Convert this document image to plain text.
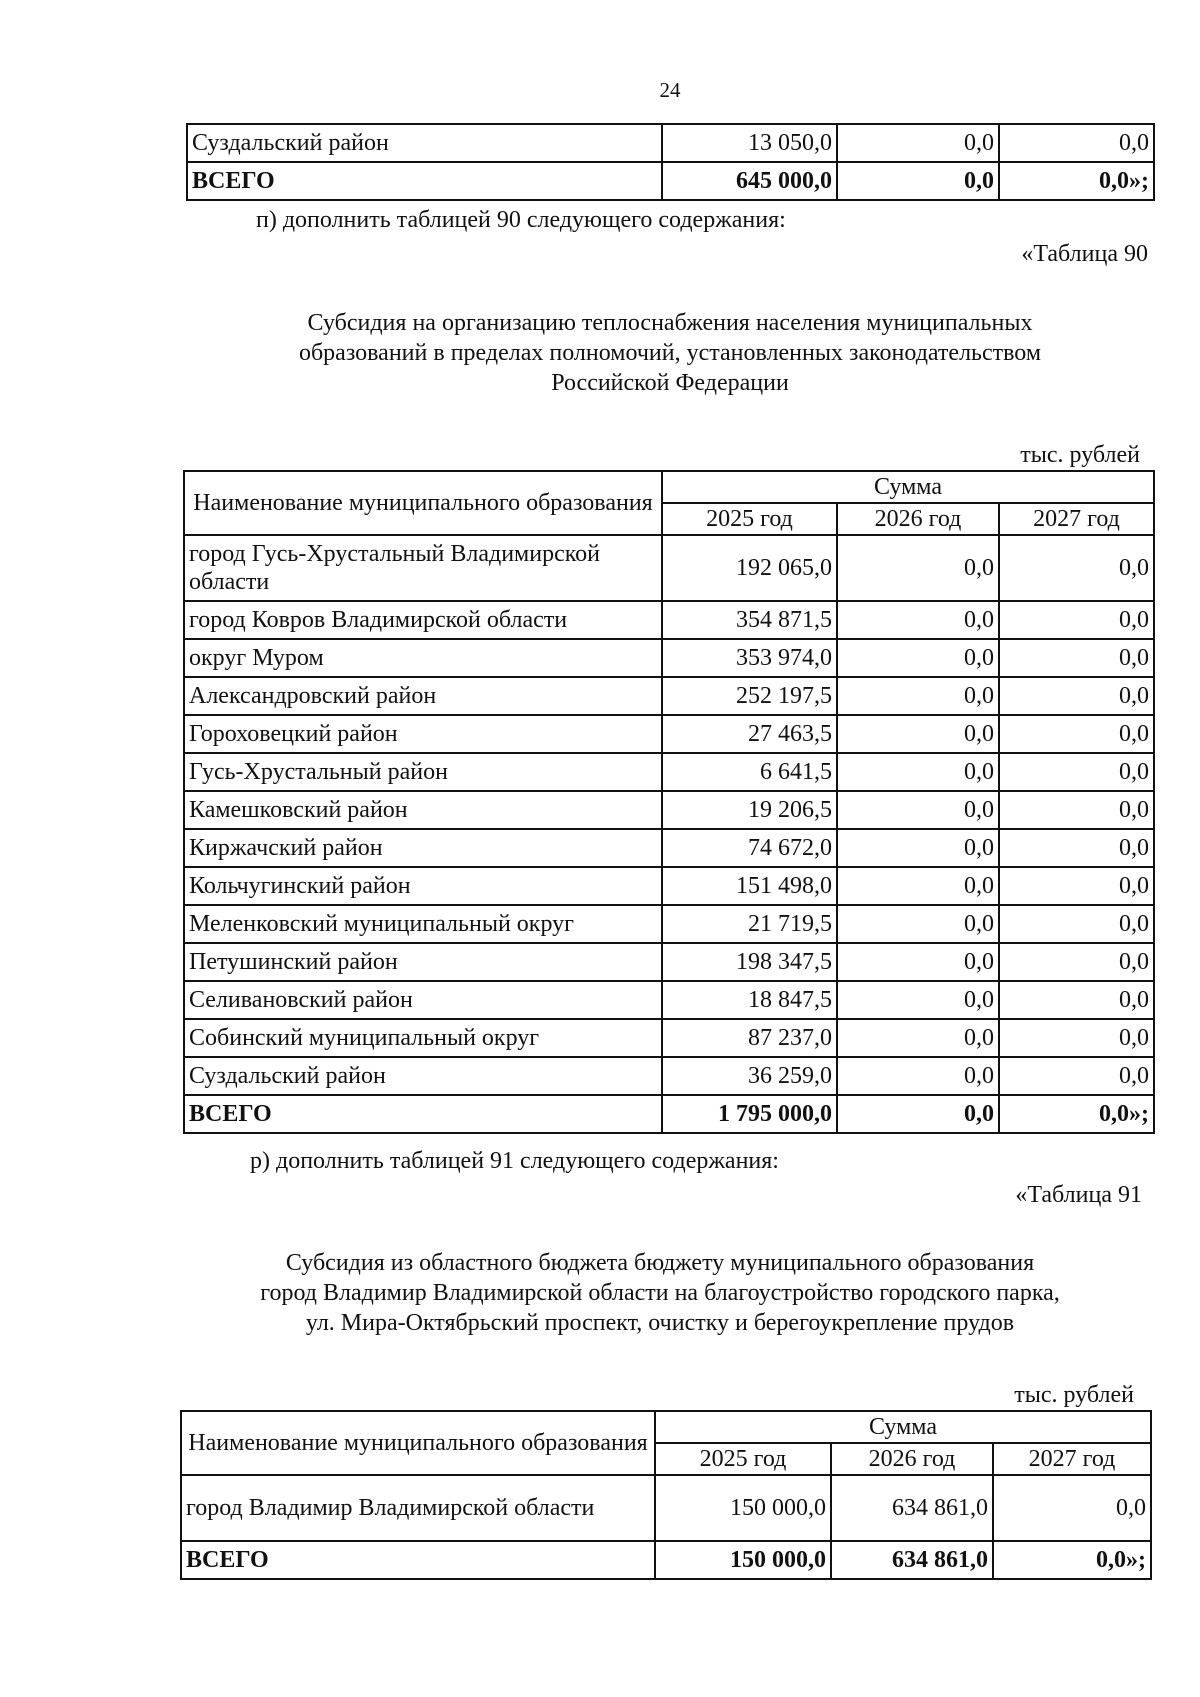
24
Суздальский район	13 050,0	0,0	0,0
ВСЕГО	645 000,0	0,0	0,0»;
п) дополнить таблицей 90 следующего содержания:
«Таблица 90
Субсидия на организацию теплоснабжения населения муниципальных
образований в пределах полномочий, установленных законодательством
Российской Федерации
тыс. рублей
Наименование муниципального образования	Сумма		
	2025 год	2026 год	2027 год
город Гусь-Хрустальный Владимирской области	192 065,0	0,0	0,0
город Ковров Владимирской области	354 871,5	0,0	0,0
округ Муром	353 974,0	0,0	0,0
Александровский район	252 197,5	0,0	0,0
Гороховецкий район	27 463,5	0,0	0,0
Гусь-Хрустальный район	6 641,5	0,0	0,0
Камешковский район	19 206,5	0,0	0,0
Киржачский район	74 672,0	0,0	0,0
Кольчугинский район	151 498,0	0,0	0,0
Меленковский муниципальный округ	21 719,5	0,0	0,0
Петушинский район	198 347,5	0,0	0,0
Селивановский район	18 847,5	0,0	0,0
Собинский муниципальный округ	87 237,0	0,0	0,0
Суздальский район	36 259,0	0,0	0,0
ВСЕГО	1 795 000,0	0,0	0,0»;
р) дополнить таблицей 91 следующего содержания:
«Таблица 91
Субсидия из областного бюджета бюджету муниципального образования
город Владимир Владимирской области на благоустройство городского парка,
ул. Мира-Октябрьский проспект, очистку и берегоукрепление прудов
тыс. рублей
Наименование муниципального образования	Сумма		
	2025 год	2026 год	2027 год
город Владимир Владимирской области	150 000,0	634 861,0	0,0
ВСЕГО	150 000,0	634 861,0	0,0»;
